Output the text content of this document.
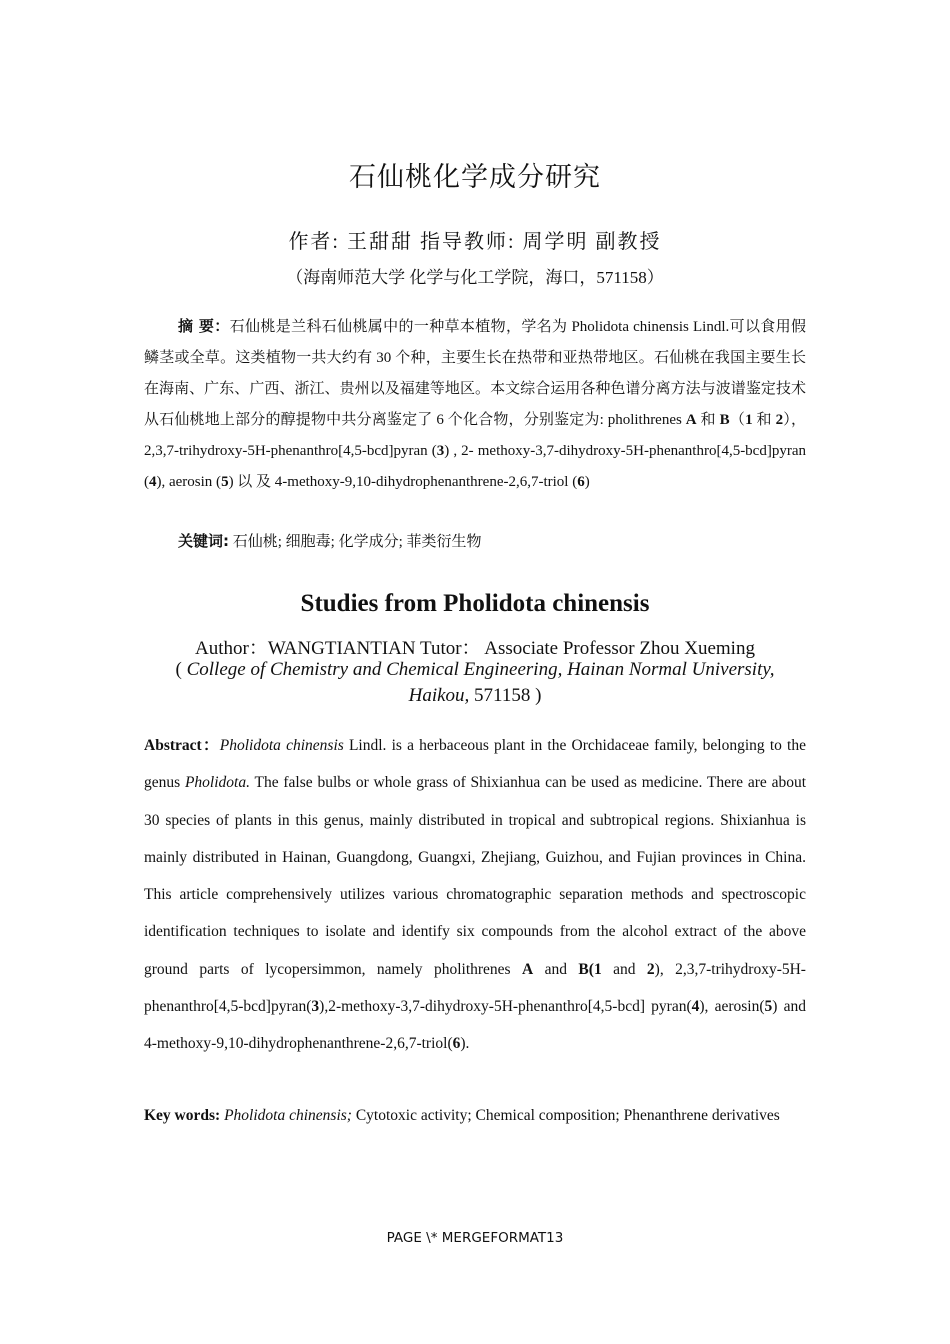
石仙桃化学成分研究
作者: 王甜甜 指导教师: 周学明 副教授
（海南师范大学 化学与化工学院，海口，571158）

摘 要：石仙桃是兰科石仙桃属中的一种草本植物，学名为 Pholidota chinensis Lindl.可以食用假鳞茎或全草。这类植物一共大约有 30 个种，主要生长在热带和亚热带地区。石仙桃在我国主要生长在海南、广东、广西、浙江、贵州以及福建等地区。本文综合运用各种色谱分离方法与波谱鉴定技术从石仙桃地上部分的醇提物中共分离鉴定了 6 个化合物，分别鉴定为: pholithrenes A 和 B（1 和 2）， 2,3,7-trihydroxy-5H-phenanthro[4,5-bcd]pyran (3) , 2- methoxy-3,7-dihydroxy-5H-phenanthro[4,5-bcd]pyran (4), aerosin (5) 以 及 4-methoxy-9,10-dihydrophenanthrene-2,6,7-triol (6)

关键词: 石仙桃; 细胞毒; 化学成分; 菲类衍生物

Studies from Pholidota chinensis
Author：WANGTIANTIAN Tutor： Associate Professor Zhou Xueming
( College of Chemistry and Chemical Engineering, Hainan Normal University, Haikou, 571158 )

Abstract：Pholidota chinensis Lindl. is a herbaceous plant in the Orchidaceae family, belonging to the genus Pholidota. The false bulbs or whole grass of Shixianhua can be used as medicine. There are about 30 species of plants in this genus, mainly distributed in tropical and subtropical regions. Shixianhua is mainly distributed in Hainan, Guangdong, Guangxi, Zhejiang, Guizhou, and Fujian provinces in China. This article comprehensively utilizes various chromatographic separation methods and spectroscopic identification techniques to isolate and identify six compounds from the alcohol extract of the above ground parts of lycopersimmon, namely pholithrenes A and B(1 and 2), 2,3,7-trihydroxy-5H-phenanthro[4,5-bcd]pyran(3),2-methoxy-3,7-dihydroxy-5H-phenanthro[4,5-bcd] pyran(4), aerosin(5) and 4-methoxy-9,10-dihydrophenanthrene-2,6,7-triol(6).

Key words: Pholidota chinensis; Cytotoxic activity; Chemical composition; Phenanthrene derivatives

PAGE \* MERGEFORMAT13
